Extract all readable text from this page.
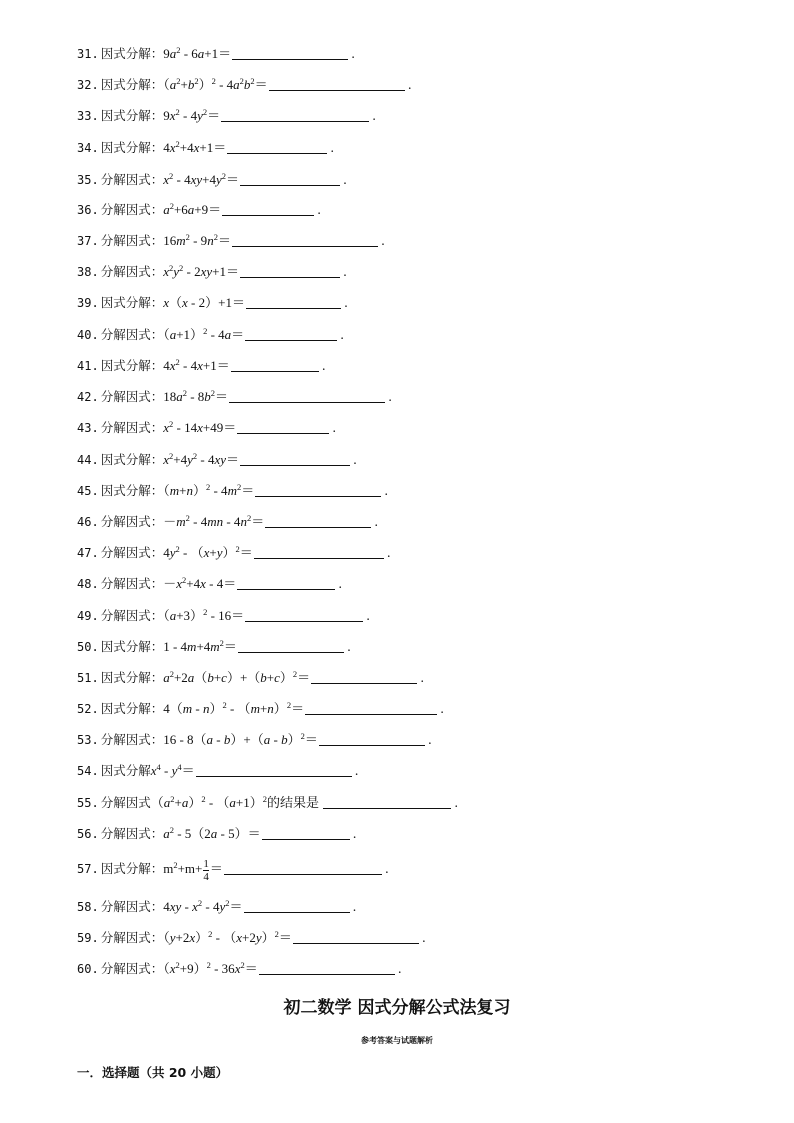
31. 因式分解：$9a^2 - 6a+1=$	.
32. 因式分解：$(a^2+b^2)^2 - 4a^2b^2=$	.
33. 因式分解：$9x^2 - 4y^2=$	.
34. 因式分解：$4x^2+4x+1=$	.
35. 分解因式：$x^2 - 4xy+4y^2=$	.
36. 分解因式：$a^2+6a+9=$	.
37. 分解因式：$16m^2 - 9n^2=$	.
38. 分解因式：$x^2y^2 - 2xy+1=$	.
39. 因式分解：x（x - 2）+1＝	.
40. 分解因式：$(a+1)^2 - 4a=$	.
41. 因式分解：$4x^2 - 4x+1=$	.
42. 分解因式：$18a^2 - 8b^2=$	.
43. 分解因式：$x^2 - 14x+49=$	.
44. 因式分解：$x^2+4y^2 - 4xy=$	.
45. 因式分解：$(m+n)^2 - 4m^2=$	.
46. 分解因式：$-m^2 - 4mn - 4n^2=$	.
47. 分解因式：$4y^2 - (x+y)^2=$	.
48. 分解因式：$-x^2+4x - 4=$	.
49. 分解因式：$(a+3)^2 - 16=$	.
50. 因式分解：$1 - 4m+4m^2=$	.
51. 因式分解：$a^2+2a(b+c)+(b+c)^2=$	.
52. 因式分解：$4(m - n)^2 - (m+n)^2=$	.
53. 分解因式：16 - 8（a - b）+（a - b）$^2$＝	.
54. 因式分解$x^4 - y^4=$	.
55. 分解因式$(a^2+a)^2 - (a+1)^2$的结果是	.
56. 分解因式：$a^2 - 5(2a - 5)=$	.
57. 因式分解：$m^2+m+ \frac{1}{4}$ ＝	.
58. 分解因式：$4xy - x^2 - 4y^2=$	.
59. 分解因式：$(y+2x)^2 - (x+2y)^2=$	.
60. 分解因式：$(x^2+9)^2 - 36x^2=$	.
初二数学 因式分解公式法复习
参考答案与试题解析
一．选择题（共 20 小题）
